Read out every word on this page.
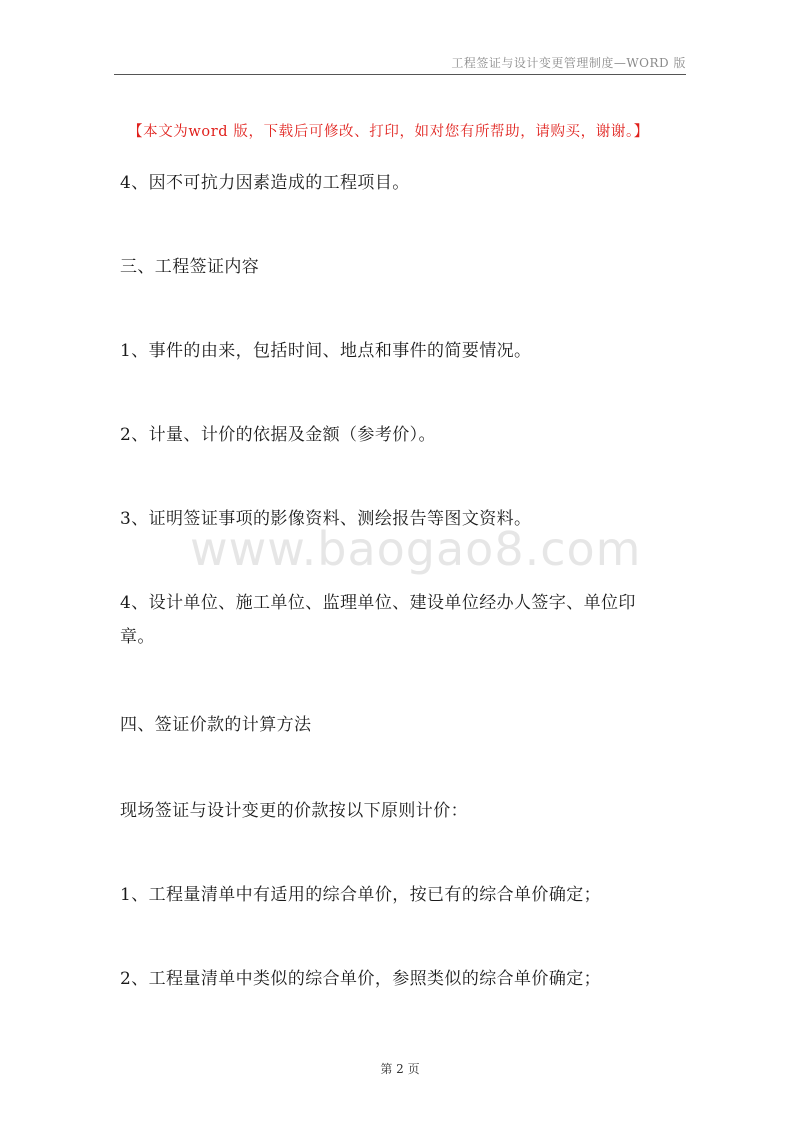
工程签证与设计变更管理制度—WORD 版
【本文为word 版，下载后可修改、打印，如对您有所帮助，请购买，谢谢。】
www.baogao8.com
4、因不可抗力因素造成的工程项目。
三、工程签证内容
1、事件的由来，包括时间、地点和事件的简要情况。
2、计量、计价的依据及金额（参考价）。
3、证明签证事项的影像资料、测绘报告等图文资料。
4、设计单位、施工单位、监理单位、建设单位经办人签字、单位印
章。
四、签证价款的计算方法
现场签证与设计变更的价款按以下原则计价：
1、工程量清单中有适用的综合单价，按已有的综合单价确定；
2、工程量清单中类似的综合单价，参照类似的综合单价确定；
第 2 页
